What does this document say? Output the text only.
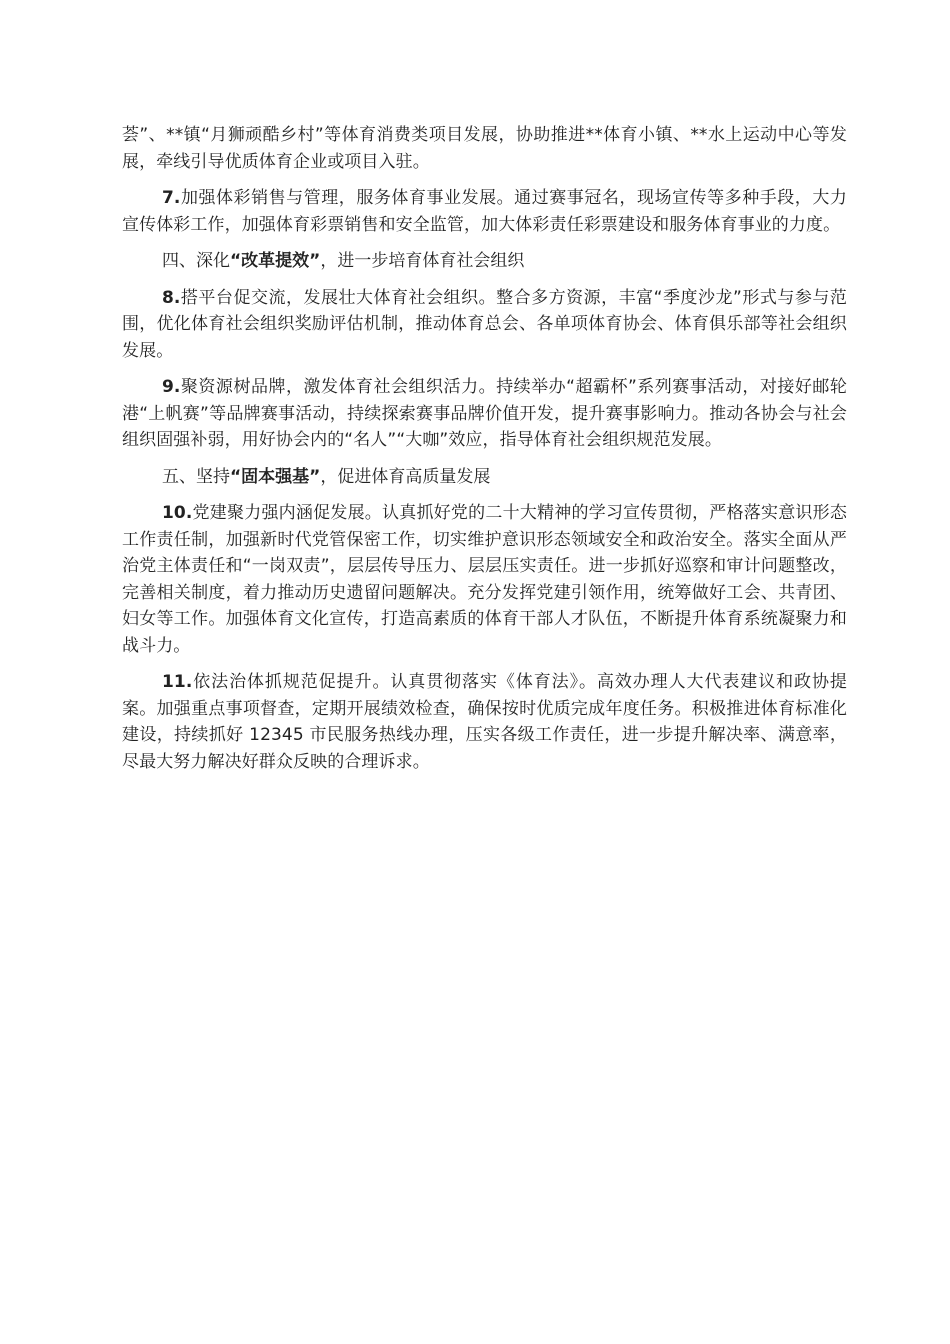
荟”、**镇“月狮顽酷乡村”等体育消费类项目发展，协助推进**体育小镇、**水上运动中心等发展，牵线引导优质体育企业或项目入驻。

7.加强体彩销售与管理，服务体育事业发展。通过赛事冠名，现场宣传等多种手段，大力宣传体彩工作，加强体育彩票销售和安全监管，加大体彩责任彩票建设和服务体育事业的力度。

四、深化“改革提效”，进一步培育体育社会组织

8.搭平台促交流，发展壮大体育社会组织。整合多方资源，丰富“季度沙龙”形式与参与范围，优化体育社会组织奖励评估机制，推动体育总会、各单项体育协会、体育俱乐部等社会组织发展。

9.聚资源树品牌，激发体育社会组织活力。持续举办“超霸杯”系列赛事活动，对接好邮轮港“上帆赛”等品牌赛事活动，持续探索赛事品牌价值开发，提升赛事影响力。推动各协会与社会组织固强补弱，用好协会内的“名人”“大咖”效应，指导体育社会组织规范发展。

五、坚持“固本强基”，促进体育高质量发展

10.党建聚力强内涵促发展。认真抓好党的二十大精神的学习宣传贯彻，严格落实意识形态工作责任制，加强新时代党管保密工作，切实维护意识形态领域安全和政治安全。落实全面从严治党主体责任和“一岗双责”，层层传导压力、层层压实责任。进一步抓好巡察和审计问题整改，完善相关制度，着力推动历史遗留问题解决。充分发挥党建引领作用，统筹做好工会、共青团、妇女等工作。加强体育文化宣传，打造高素质的体育干部人才队伍，不断提升体育系统凝聚力和战斗力。

11.依法治体抓规范促提升。认真贯彻落实《体育法》。高效办理人大代表建议和政协提案。加强重点事项督查，定期开展绩效检查，确保按时优质完成年度任务。积极推进体育标准化建设，持续抓好 12345 市民服务热线办理，压实各级工作责任，进一步提升解决率、满意率，尽最大努力解决好群众反映的合理诉求。
